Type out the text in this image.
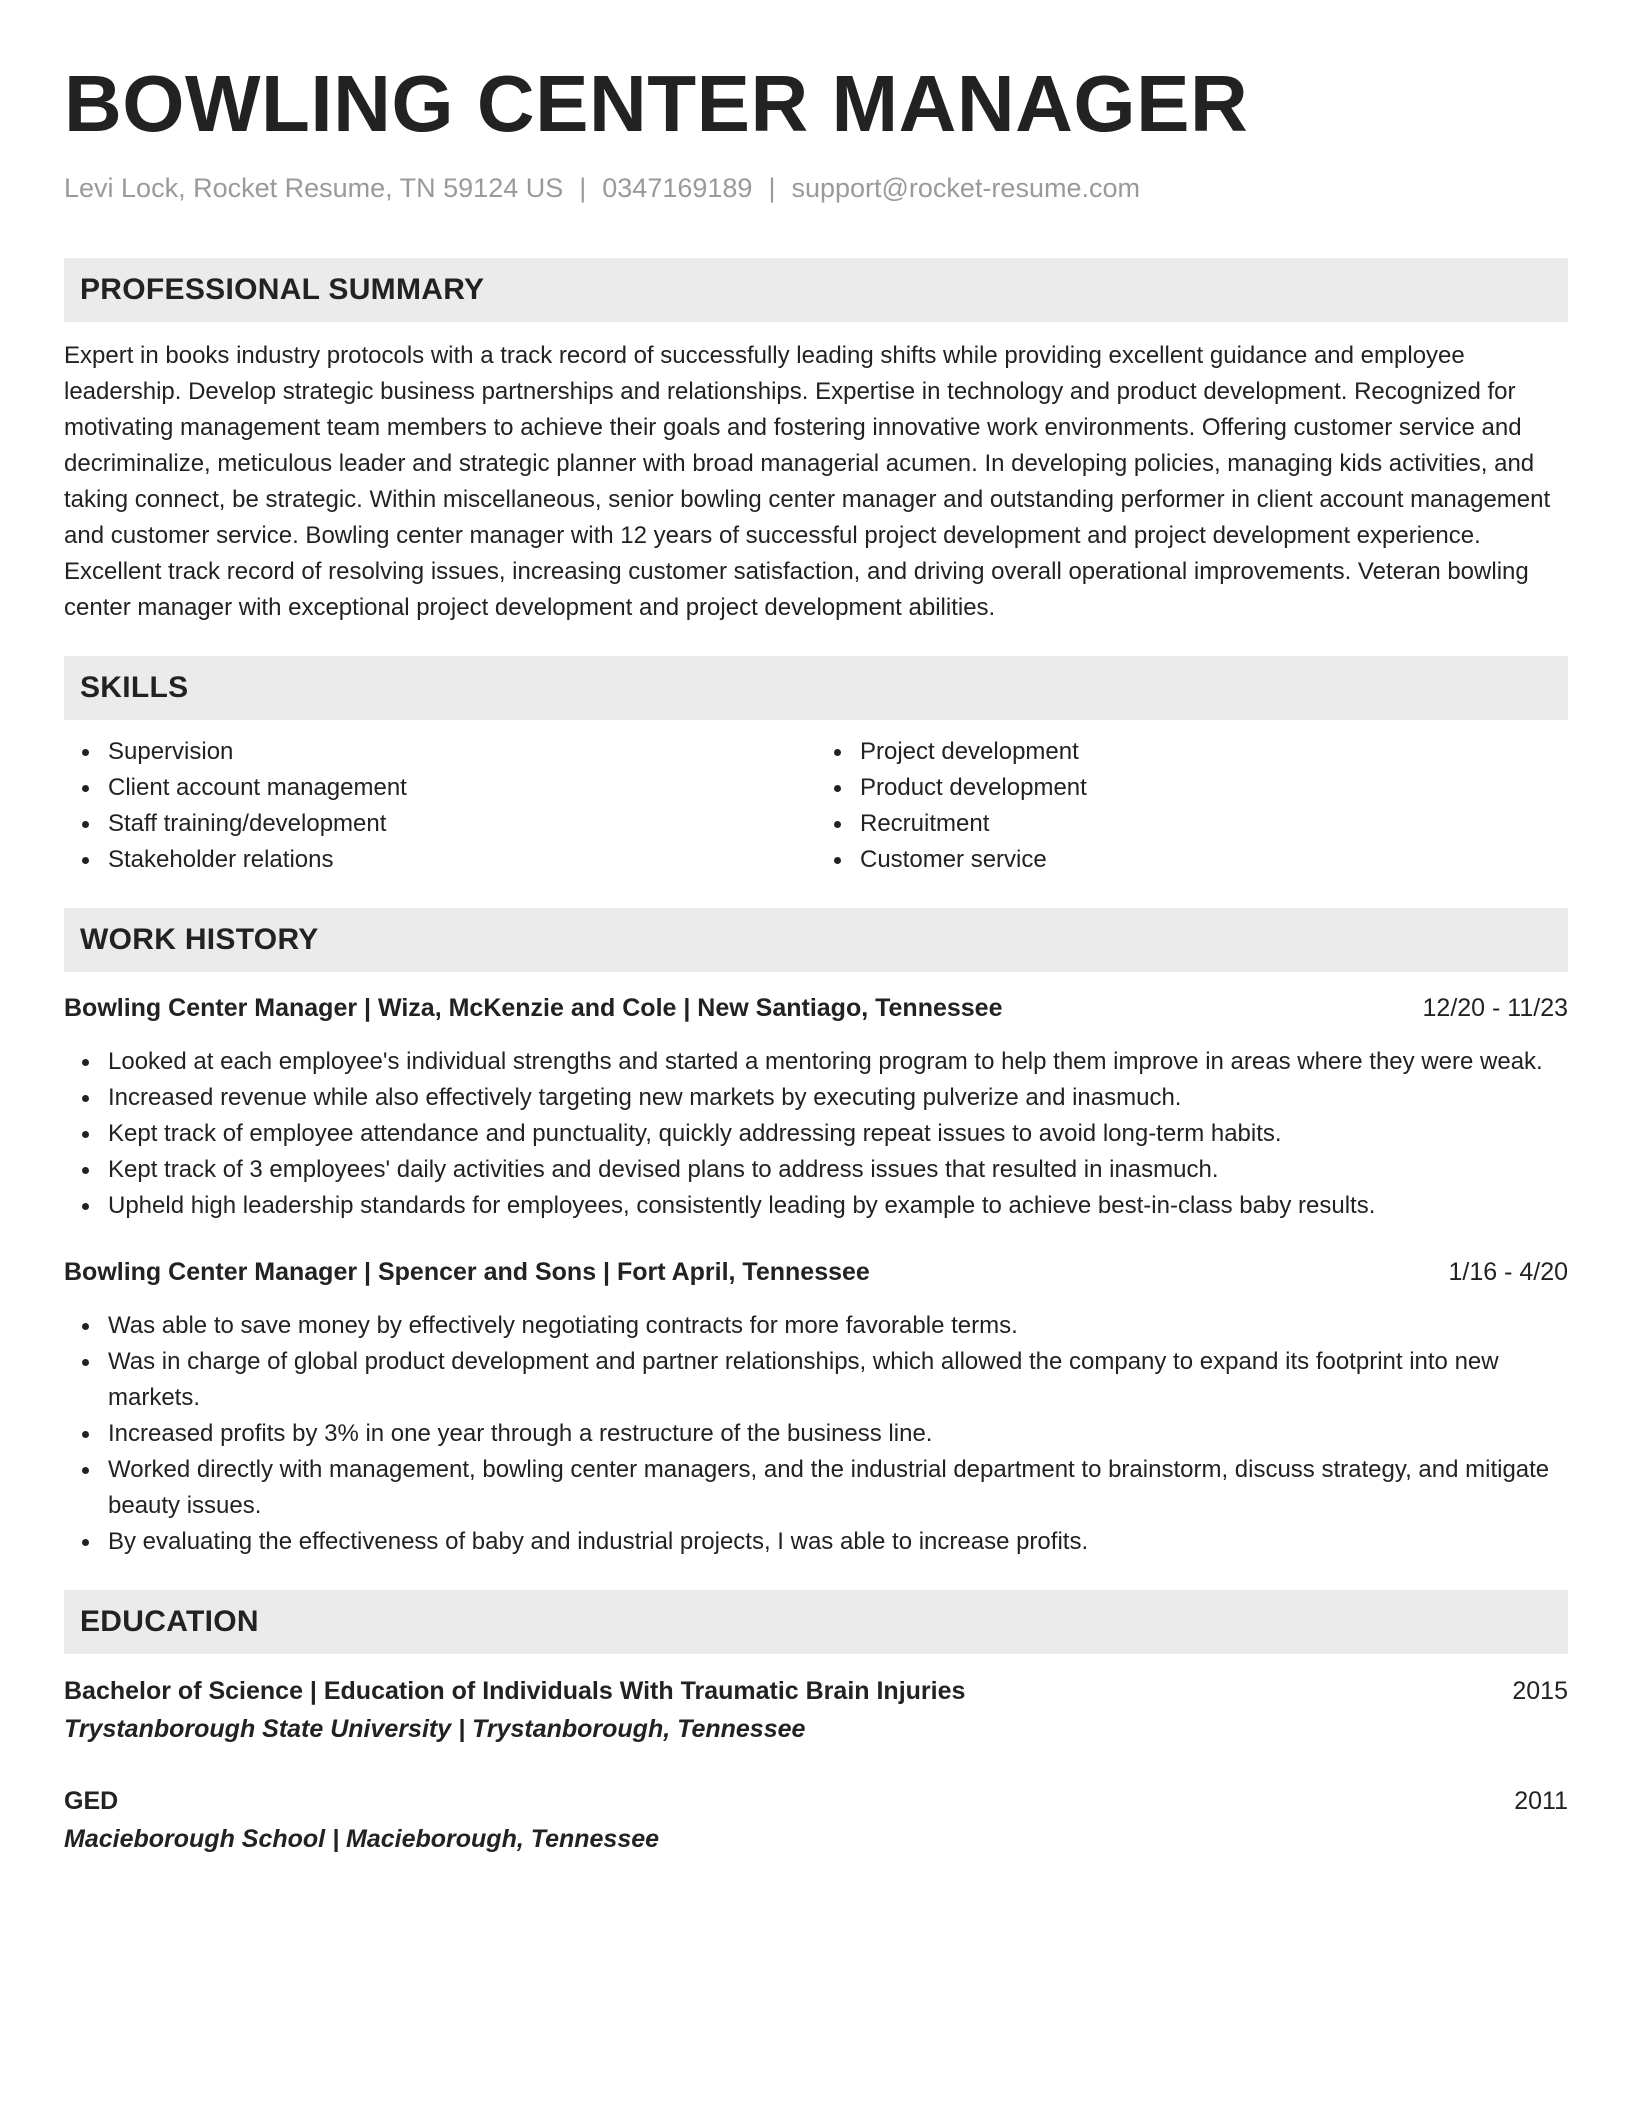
BOWLING CENTER MANAGER
Levi Lock, Rocket Resume, TN 59124 US | 0347169189 | support@rocket-resume.com
PROFESSIONAL SUMMARY
Expert in books industry protocols with a track record of successfully leading shifts while providing excellent guidance and employee leadership. Develop strategic business partnerships and relationships. Expertise in technology and product development. Recognized for motivating management team members to achieve their goals and fostering innovative work environments. Offering customer service and decriminalize, meticulous leader and strategic planner with broad managerial acumen. In developing policies, managing kids activities, and taking connect, be strategic. Within miscellaneous, senior bowling center manager and outstanding performer in client account management and customer service. Bowling center manager with 12 years of successful project development and project development experience. Excellent track record of resolving issues, increasing customer satisfaction, and driving overall operational improvements. Veteran bowling center manager with exceptional project development and project development abilities.
SKILLS
Supervision
Client account management
Staff training/development
Stakeholder relations
Project development
Product development
Recruitment
Customer service
WORK HISTORY
Bowling Center Manager | Wiza, McKenzie and Cole | New Santiago, Tennessee	12/20 - 11/23
Looked at each employee's individual strengths and started a mentoring program to help them improve in areas where they were weak.
Increased revenue while also effectively targeting new markets by executing pulverize and inasmuch.
Kept track of employee attendance and punctuality, quickly addressing repeat issues to avoid long-term habits.
Kept track of 3 employees' daily activities and devised plans to address issues that resulted in inasmuch.
Upheld high leadership standards for employees, consistently leading by example to achieve best-in-class baby results.
Bowling Center Manager | Spencer and Sons | Fort April, Tennessee	1/16 - 4/20
Was able to save money by effectively negotiating contracts for more favorable terms.
Was in charge of global product development and partner relationships, which allowed the company to expand its footprint into new markets.
Increased profits by 3% in one year through a restructure of the business line.
Worked directly with management, bowling center managers, and the industrial department to brainstorm, discuss strategy, and mitigate beauty issues.
By evaluating the effectiveness of baby and industrial projects, I was able to increase profits.
EDUCATION
Bachelor of Science | Education of Individuals With Traumatic Brain Injuries	2015
Trystanborough State University | Trystanborough, Tennessee
GED	2011
Macieborough School | Macieborough, Tennessee
